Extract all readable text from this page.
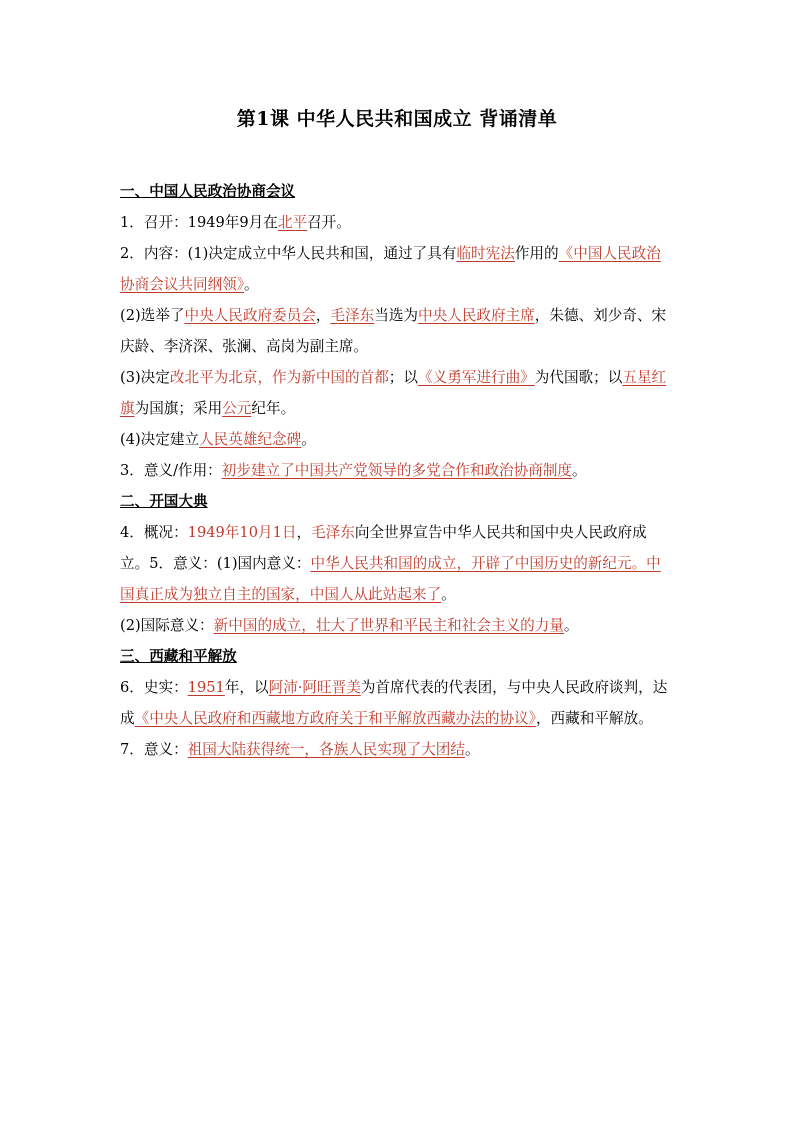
第1课 中华人民共和国成立 背诵清单
一、中国人民政治协商会议
1．召开：1949年9月在北平召开。
2．内容：(1)决定成立中华人民共和国，通过了具有临时宪法作用的《中国人民政治协商会议共同纲领》。
(2)选举了中央人民政府委员会，毛泽东当选为中央人民政府主席，朱德、刘少奇、宋庆龄、李济深、张澜、高岗为副主席。
(3)决定改北平为北京，作为新中国的首都；以《义勇军进行曲》为代国歌；以五星红旗为国旗；采用公元纪年。
(4)决定建立人民英雄纪念碑。
3．意义/作用：初步建立了中国共产党领导的多党合作和政治协商制度。
二、开国大典
4．概况：1949年10月1日，毛泽东向全世界宣告中华人民共和国中央人民政府成立。5．意义：(1)国内意义：中华人民共和国的成立，开辟了中国历史的新纪元。中国真正成为独立自主的国家，中国人从此站起来了。
(2)国际意义：新中国的成立，壮大了世界和平民主和社会主义的力量。
三、西藏和平解放
6．史实：1951年，以阿沛·阿旺晋美为首席代表的代表团，与中央人民政府谈判，达成《中央人民政府和西藏地方政府关于和平解放西藏办法的协议》，西藏和平解放。
7．意义：祖国大陆获得统一，各族人民实现了大团结。
